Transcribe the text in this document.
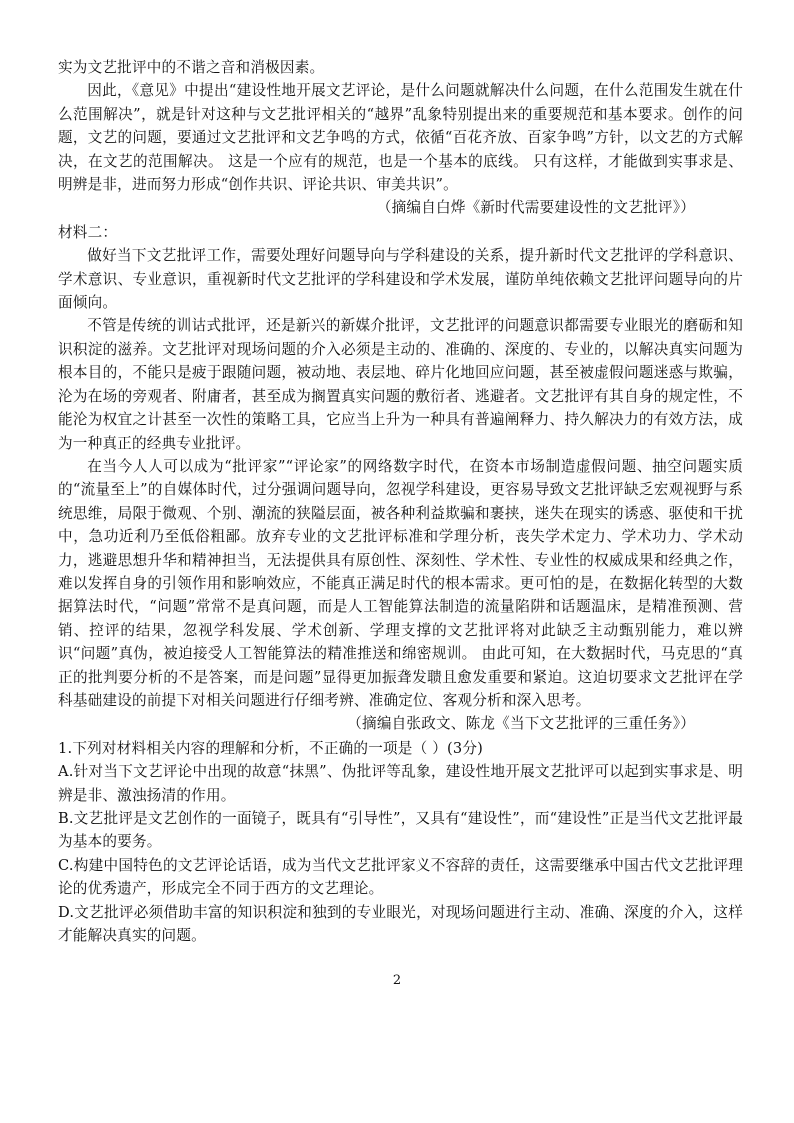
实为文艺批评中的不谐之音和消极因素。

因此，《意见》中提出“建设性地开展文艺评论，是什么问题就解决什么问题，在什么范围发生就在什么范围解决”，就是针对这种与文艺批评相关的“越界”乱象特别提出来的重要规范和基本要求。创作的问题，文艺的问题，要通过文艺批评和文艺争鸣的方式，依循“百花齐放、百家争鸣”方针，以文艺的方式解决，在文艺的范围解决。 这是一个应有的规范，也是一个基本的底线。 只有这样，才能做到实事求是、明辨是非，进而努力形成“创作共识、评论共识、审美共识”。

（摘编自白烨《新时代需要建设性的文艺批评》）

材料二：

做好当下文艺批评工作，需要处理好问题导向与学科建设的关系，提升新时代文艺批评的学科意识、学术意识、专业意识，重视新时代文艺批评的学科建设和学术发展，谨防单纯依赖文艺批评问题导向的片面倾向。

不管是传统的训诂式批评，还是新兴的新媒介批评，文艺批评的问题意识都需要专业眼光的磨砺和知识积淀的滋养。文艺批评对现场问题的介入必须是主动的、准确的、深度的、专业的，以解决真实问题为根本目的，不能只是疲于跟随问题，被动地、表层地、碎片化地回应问题，甚至被虚假问题迷惑与欺骗，沦为在场的旁观者、附庸者，甚至成为搁置真实问题的敷衍者、逃避者。文艺批评有其自身的规定性，不能沦为权宜之计甚至一次性的策略工具，它应当上升为一种具有普遍阐释力、持久解决力的有效方法，成为一种真正的经典专业批评。

在当今人人可以成为“批评家”“评论家”的网络数字时代，在资本市场制造虚假问题、抽空问题实质的“流量至上”的自媒体时代，过分强调问题导向，忽视学科建设，更容易导致文艺批评缺乏宏观视野与系统思维，局限于微观、个别、潮流的狭隘层面，被各种利益欺骗和裹挟，迷失在现实的诱惑、驱使和干扰中，急功近利乃至低俗粗鄙。放弃专业的文艺批评标准和学理分析，丧失学术定力、学术功力、学术动力，逃避思想升华和精神担当，无法提供具有原创性、深刻性、学术性、专业性的权威成果和经典之作，难以发挥自身的引领作用和影响效应，不能真正满足时代的根本需求。更可怕的是，在数据化转型的大数据算法时代，“问题”常常不是真问题，而是人工智能算法制造的流量陷阱和话题温床，是精准预测、营销、控评的结果，忽视学科发展、学术创新、学理支撑的文艺批评将对此缺乏主动甄别能力，难以辨识“问题”真伪，被迫接受人工智能算法的精准推送和绵密规训。 由此可知，在大数据时代，马克思的“真正的批判要分析的不是答案，而是问题”显得更加振聋发聩且愈发重要和紧迫。这迫切要求文艺批评在学科基础建设的前提下对相关问题进行仔细考辨、准确定位、客观分析和深入思考。

（摘编自张政文、陈龙《当下文艺批评的三重任务》）

1.下列对材料相关内容的理解和分析，不正确的一项是（ ）(3分)

A.针对当下文艺评论中出现的故意“抹黑”、伪批评等乱象，建设性地开展文艺批评可以起到实事求是、明辨是非、激浊扬清的作用。

B.文艺批评是文艺创作的一面镜子，既具有“引导性”，又具有“建设性”，而“建设性”正是当代文艺批评最为基本的要务。

C.构建中国特色的文艺评论话语，成为当代文艺批评家义不容辞的责任，这需要继承中国古代文艺批评理论的优秀遗产，形成完全不同于西方的文艺理论。

D.文艺批评必须借助丰富的知识积淀和独到的专业眼光，对现场问题进行主动、准确、深度的介入，这样才能解决真实的问题。

2
